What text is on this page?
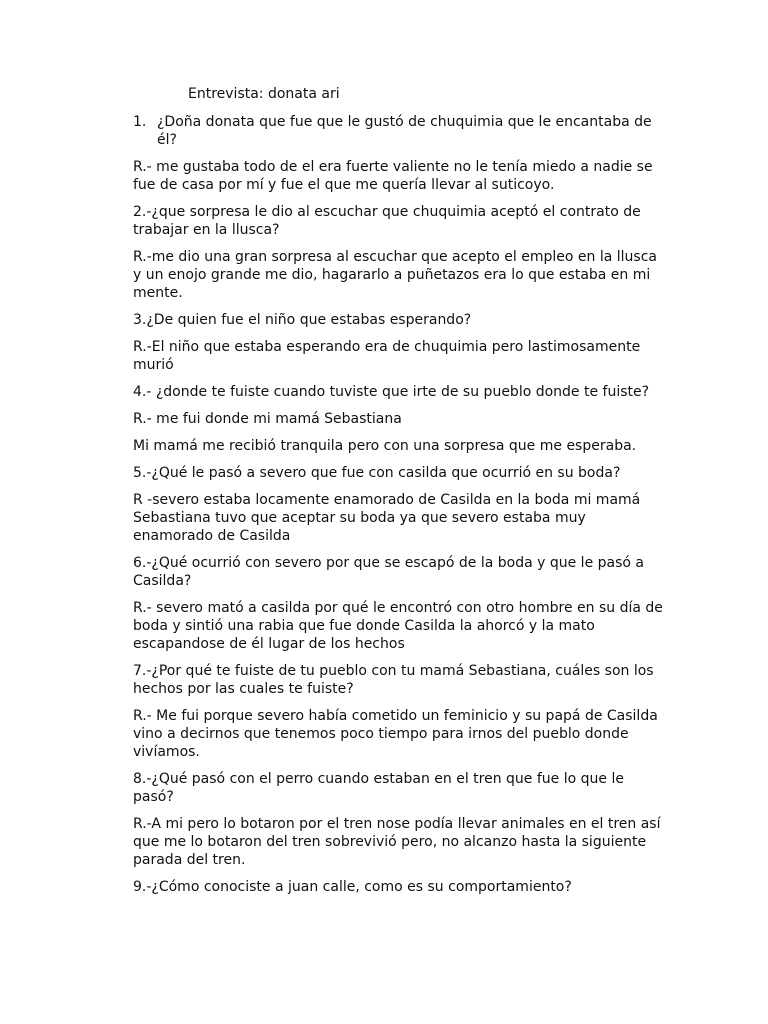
Entrevista: donata ari

1. ¿Doña donata que fue que le gustó de chuquimia que le encantaba de él?

R.- me gustaba todo de el era fuerte valiente no le tenía miedo a nadie se fue de casa por mí y fue el que me quería llevar al suticoyo.

2.-¿que sorpresa le dio al escuchar que chuquimia aceptó el contrato de trabajar en la llusca?

R.-me dio una gran sorpresa al escuchar que acepto el empleo en la llusca y un enojo grande me dio, hagararlo a puñetazos era lo que estaba en mi mente.

3.¿De quien fue el niño que estabas esperando?

R.-El niño que estaba esperando era de chuquimia pero lastimosamente murió

4.- ¿donde te fuiste cuando tuviste que irte de su pueblo donde te fuiste?

R.- me fui donde mi mamá Sebastiana

Mi mamá me recibió tranquila pero con una sorpresa que me esperaba.

5.-¿Qué le pasó a severo que fue con casilda que ocurrió en su boda?

R -severo estaba locamente enamorado de Casilda en la boda mi mamá Sebastiana tuvo que aceptar su boda ya que severo estaba muy enamorado de Casilda

6.-¿Qué ocurrió con severo por que se escapó de la boda y que le pasó a Casilda?

R.- severo mató a casilda por qué le encontró con otro hombre en su día de boda y sintió una rabia que fue donde Casilda la ahorcó y la mato escapandose de él lugar de los hechos

7.-¿Por qué te fuiste de tu pueblo con tu mamá Sebastiana, cuáles son los hechos por las cuales te fuiste?

R.- Me fui porque severo había cometido un feminicio y su papá de Casilda vino a decirnos que tenemos poco tiempo para irnos del pueblo donde vivíamos.

8.-¿Qué pasó con el perro cuando estaban en el tren que fue lo que le pasó?

R.-A mi pero lo botaron por el tren nose podía llevar animales en el tren así que me lo botaron del tren sobrevivió pero, no alcanzo hasta la siguiente parada del tren.

9.-¿Cómo conociste a juan calle, como es su comportamiento?
